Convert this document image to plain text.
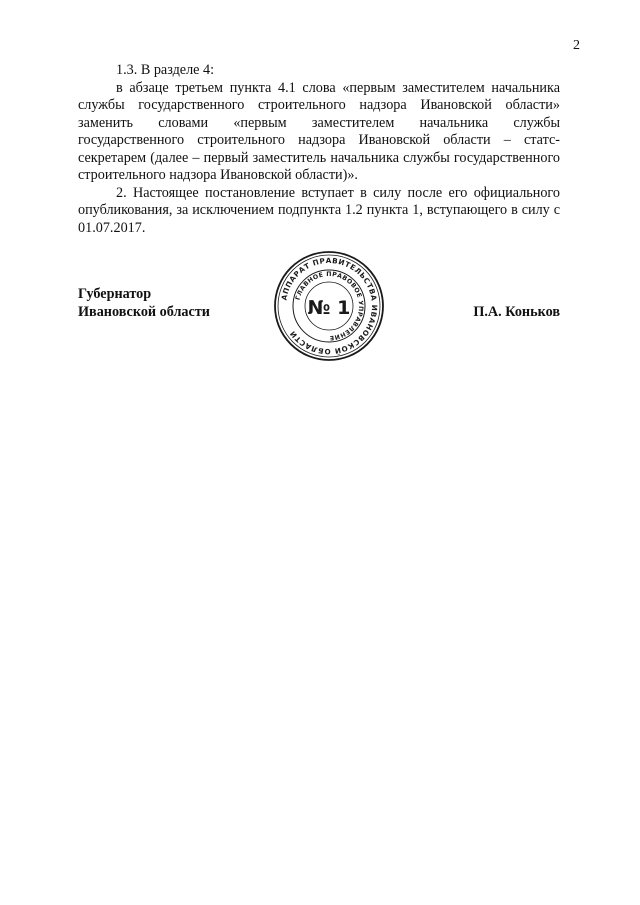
2

1.3. В разделе 4:

в абзаце третьем пункта 4.1 слова «первым заместителем начальника службы государственного строительного надзора Ивановской области» заменить словами «первым заместителем начальника службы государственного строительного надзора Ивановской области – статс-секретарем (далее – первый заместитель начальника службы государственного строительного надзора Ивановской области)».

2. Настоящее постановление вступает в силу после его официального опубликования, за исключением подпункта 1.2 пункта 1, вступающего в силу с 01.07.2017.

Губернатор
Ивановской области
АППАРАТ ПРАВИТЕЛЬСТВА ИВАНОВСКОЙ ОБЛАСТИ
ГЛАВНОЕ ПРАВОВОЕ УПРАВЛЕНИЕ
№ 1	П.А. Коньков
